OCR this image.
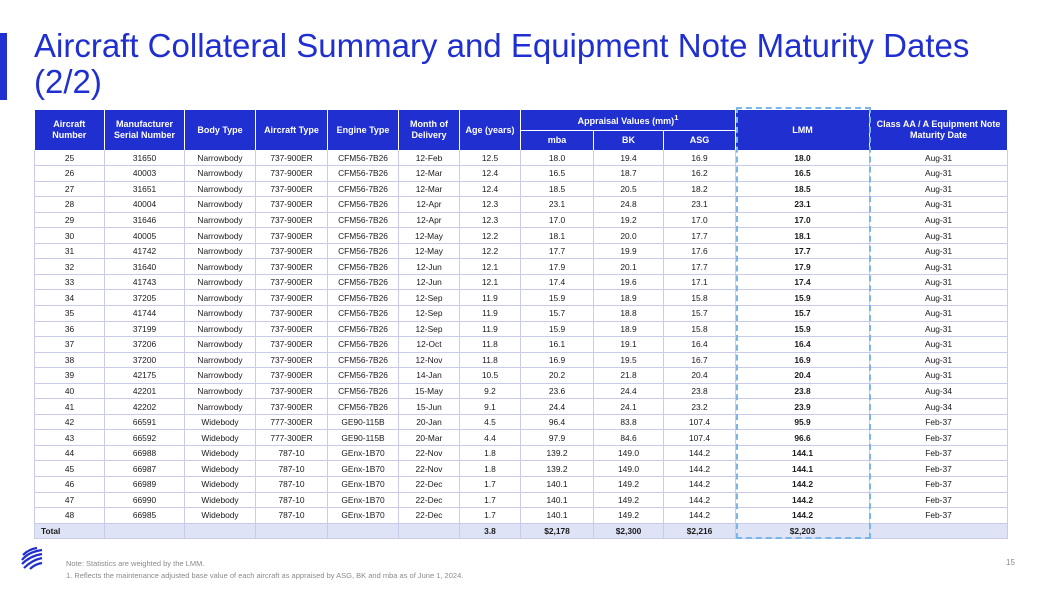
Aircraft Collateral Summary and Equipment Note Maturity Dates (2/2)
Aircraft Number	Manufacturer Serial Number	Body Type	Aircraft Type	Engine Type	Month of Delivery	Age (years)	Appraisal Values (mm)$^1$			LMM	Class AA / A Equipment Note Maturity Date
							mba	BK	ASG		
25	31650	Narrowbody	737-900ER	CFM56-7B26	12-Feb	12.5	18.0	19.4	16.9	18.0	Aug-31
26	40003	Narrowbody	737-900ER	CFM56-7B26	12-Mar	12.4	16.5	18.7	16.2	16.5	Aug-31
27	31651	Narrowbody	737-900ER	CFM56-7B26	12-Mar	12.4	18.5	20.5	18.2	18.5	Aug-31
28	40004	Narrowbody	737-900ER	CFM56-7B26	12-Apr	12.3	23.1	24.8	23.1	23.1	Aug-31
29	31646	Narrowbody	737-900ER	CFM56-7B26	12-Apr	12.3	17.0	19.2	17.0	17.0	Aug-31
30	40005	Narrowbody	737-900ER	CFM56-7B26	12-May	12.2	18.1	20.0	17.7	18.1	Aug-31
31	41742	Narrowbody	737-900ER	CFM56-7B26	12-May	12.2	17.7	19.9	17.6	17.7	Aug-31
32	31640	Narrowbody	737-900ER	CFM56-7B26	12-Jun	12.1	17.9	20.1	17.7	17.9	Aug-31
33	41743	Narrowbody	737-900ER	CFM56-7B26	12-Jun	12.1	17.4	19.6	17.1	17.4	Aug-31
34	37205	Narrowbody	737-900ER	CFM56-7B26	12-Sep	11.9	15.9	18.9	15.8	15.9	Aug-31
35	41744	Narrowbody	737-900ER	CFM56-7B26	12-Sep	11.9	15.7	18.8	15.7	15.7	Aug-31
36	37199	Narrowbody	737-900ER	CFM56-7B26	12-Sep	11.9	15.9	18.9	15.8	15.9	Aug-31
37	37206	Narrowbody	737-900ER	CFM56-7B26	12-Oct	11.8	16.1	19.1	16.4	16.4	Aug-31
38	37200	Narrowbody	737-900ER	CFM56-7B26	12-Nov	11.8	16.9	19.5	16.7	16.9	Aug-31
39	42175	Narrowbody	737-900ER	CFM56-7B26	14-Jan	10.5	20.2	21.8	20.4	20.4	Aug-31
40	42201	Narrowbody	737-900ER	CFM56-7B26	15-May	9.2	23.6	24.4	23.8	23.8	Aug-34
41	42202	Narrowbody	737-900ER	CFM56-7B26	15-Jun	9.1	24.4	24.1	23.2	23.9	Aug-34
42	66591	Widebody	777-300ER	GE90-115B	20-Jan	4.5	96.4	83.8	107.4	95.9	Feb-37
43	66592	Widebody	777-300ER	GE90-115B	20-Mar	4.4	97.9	84.6	107.4	96.6	Feb-37
44	66988	Widebody	787-10	GEnx-1B70	22-Nov	1.8	139.2	149.0	144.2	144.1	Feb-37
45	66987	Widebody	787-10	GEnx-1B70	22-Nov	1.8	139.2	149.0	144.2	144.1	Feb-37
46	66989	Widebody	787-10	GEnx-1B70	22-Dec	1.7	140.1	149.2	144.2	144.2	Feb-37
47	66990	Widebody	787-10	GEnx-1B70	22-Dec	1.7	140.1	149.2	144.2	144.2	Feb-37
48	66985	Widebody	787-10	GEnx-1B70	22-Dec	1.7	140.1	149.2	144.2	144.2	Feb-37
Total						3.8	$2,178	$2,300	$2,216	$2,203	
Note: Statistics are weighted by the LMM.
1. Reflects the maintenance adjusted base value of each aircraft as appraised by ASG, BK and mba as of June 1, 2024.
15
